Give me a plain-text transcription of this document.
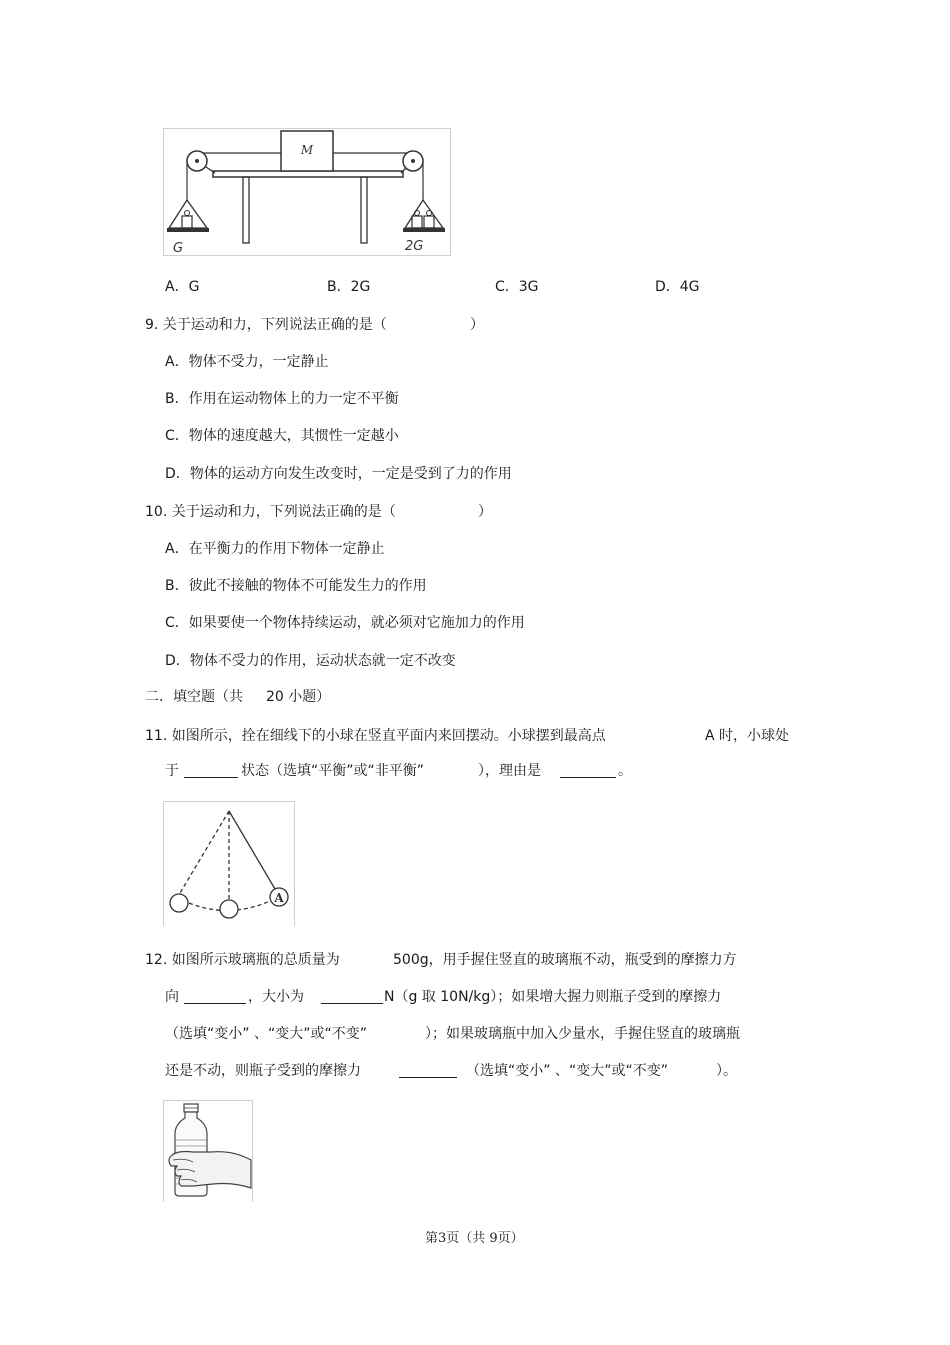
M
G	2G
A．G	B．2G	C．3G	D．4G
9. 关于运动和力，下列说法正确的是（	）
A．物体不受力，一定静止
B．作用在运动物体上的力一定不平衡
C．物体的速度越大，其惯性一定越小
D．物体的运动方向发生改变时，一定是受到了力的作用
10. 关于运动和力，下列说法正确的是（	）
A．在平衡力的作用下物体一定静止
B．彼此不接触的物体不可能发生力的作用
C．如果要使一个物体持续运动，就必须对它施加力的作用
D．物体不受力的作用，运动状态就一定不改变
二．填空题（共 20 小题）
11. 如图所示，拴在细线下的小球在竖直平面内来回摆动。小球摆到最高点	A 时，小球处
于	状态（选填“平衡”或“非平衡”	），理由是	。
A
12. 如图所示玻璃瓶的总质量为	500g，用手握住竖直的玻璃瓶不动，瓶受到的摩擦力方
向	，大小为	N（g 取 10N/kg）；如果增大握力则瓶子受到的摩擦力
（选填“变小” 、“变大”或“不变”	）；如果玻璃瓶中加入少量水，手握住竖直的玻璃瓶
还是不动，则瓶子受到的摩擦力	（选填“变小” 、“变大”或“不变”	）。
第3页（共 9页）
